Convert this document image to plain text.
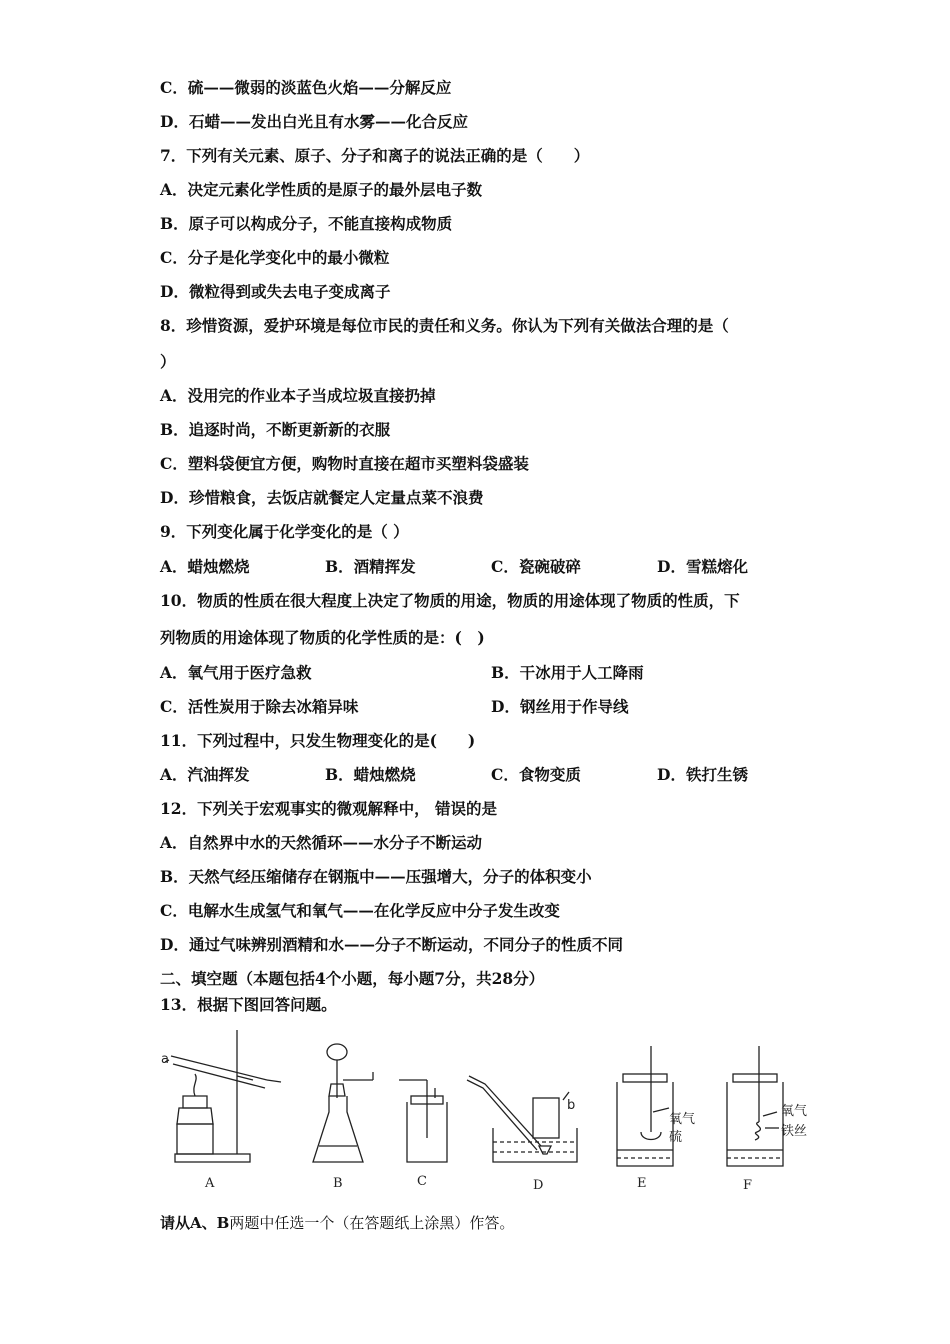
C．硫——微弱的淡蓝色火焰——分解反应
D．石蜡——发出白光且有水雾——化合反应
7．下列有关元素、原子、分子和离子的说法正确的是（　　）
A．决定元素化学性质的是原子的最外层电子数
B．原子可以构成分子，不能直接构成物质
C．分子是化学变化中的最小微粒
D．微粒得到或失去电子变成离子
8．珍惜资源，爱护环境是每位市民的责任和义务。你认为下列有关做法合理的是（
）
A．没用完的作业本子当成垃圾直接扔掉
B．追逐时尚，不断更新新的衣服
C．塑料袋便宜方便，购物时直接在超市买塑料袋盛装
D．珍惜粮食，去饭店就餐定人定量点菜不浪费
9．下列变化属于化学变化的是（ ）
A．蜡烛燃烧	B．酒精挥发	C．瓷碗破碎	D．雪糕熔化
10．物质的性质在很大程度上决定了物质的用途，物质的用途体现了物质的性质，下
列物质的用途体现了物质的化学性质的是：(　)
A．氧气用于医疗急救	B．干冰用于人工降雨
C．活性炭用于除去冰箱异味	D．钢丝用于作导线
11．下列过程中，只发生物理变化的是(　　)
A．汽油挥发	B．蜡烛燃烧	C．食物变质	D．铁打生锈
12．下列关于宏观事实的微观解释中， 错误的是
A．自然界中水的天然循环——水分子不断运动
B．天然气经压缩储存在钢瓶中——压强增大，分子的体积变小
C．电解水生成氢气和氧气——在化学反应中分子发生改变
D．通过气味辨别酒精和水——分子不断运动，不同分子的性质不同
二、填空题（本题包括4个小题，每小题7分，共28分）
13．根据下图回答问题。
a
b
氧气
硫
氧气
铁丝
A	B	C	D	E	F
请从A、B两题中任选一个（在答题纸上涂黑）作答。
